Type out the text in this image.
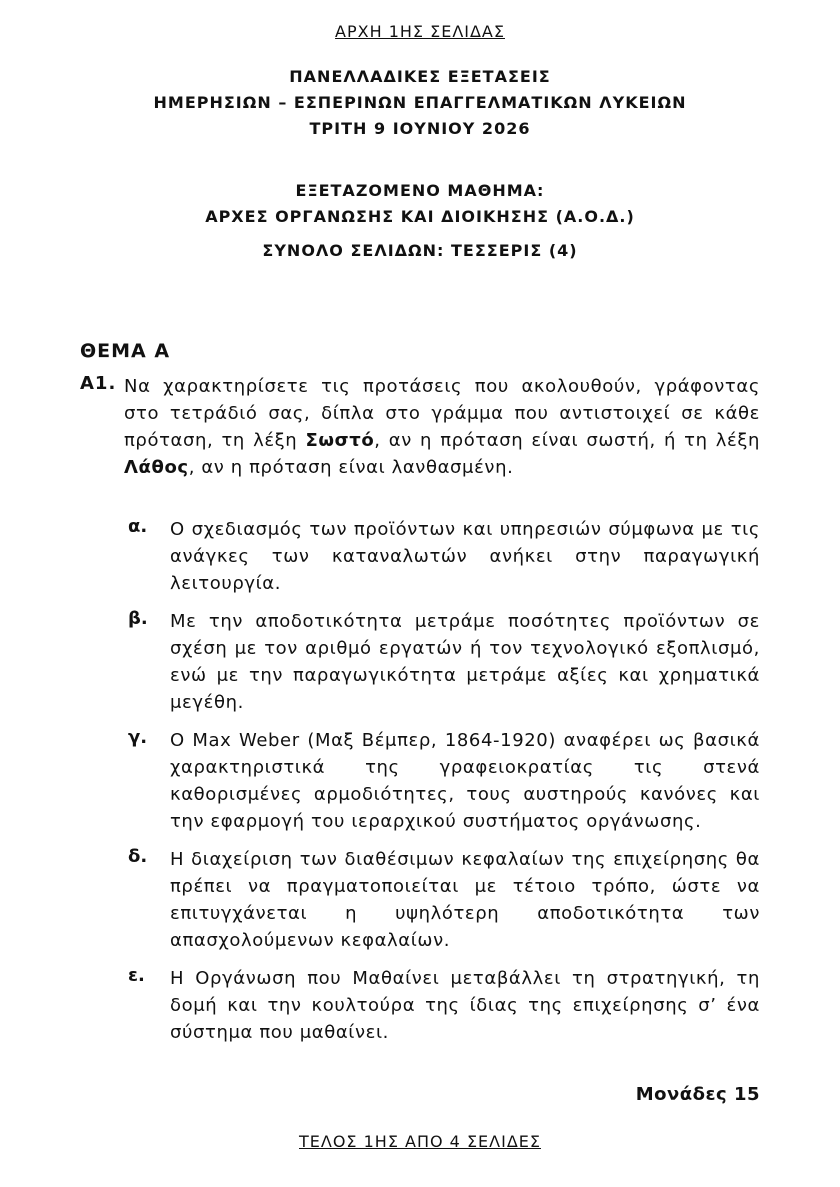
ΑΡΧΗ 1ΗΣ ΣΕΛΙΔΑΣ
ΠΑΝΕΛΛΑΔΙΚΕΣ ΕΞΕΤΑΣΕΙΣ
ΗΜΕΡΗΣΙΩΝ – ΕΣΠΕΡΙΝΩΝ ΕΠΑΓΓΕΛΜΑΤΙΚΩΝ ΛΥΚΕΙΩΝ
ΤΡΙΤΗ 9 ΙΟΥΝΙΟΥ 2026
ΕΞΕΤΑΖΟΜΕΝΟ ΜΑΘΗΜΑ:
ΑΡΧΕΣ ΟΡΓΑΝΩΣΗΣ ΚΑΙ ΔΙΟΙΚΗΣΗΣ (Α.Ο.Δ.)
ΣΥΝΟΛΟ ΣΕΛΙΔΩΝ: ΤΕΣΣΕΡΙΣ (4)
ΘΕΜΑ Α
Α1. Να χαρακτηρίσετε τις προτάσεις που ακολουθούν, γράφοντας στο τετράδιό σας, δίπλα στο γράμμα που αντιστοιχεί σε κάθε πρόταση, τη λέξη Σωστό, αν η πρόταση είναι σωστή, ή τη λέξη Λάθος, αν η πρόταση είναι λανθασμένη.
α. Ο σχεδιασμός των προϊόντων και υπηρεσιών σύμφωνα με τις ανάγκες των καταναλωτών ανήκει στην παραγωγική λειτουργία.
β. Με την αποδοτικότητα μετράμε ποσότητες προϊόντων σε σχέση με τον αριθμό εργατών ή τον τεχνολογικό εξοπλισμό, ενώ με την παραγωγικότητα μετράμε αξίες και χρηματικά μεγέθη.
γ. Ο Max Weber (Μαξ Βέμπερ, 1864-1920) αναφέρει ως βασικά χαρακτηριστικά της γραφειοκρατίας τις στενά καθορισμένες αρμοδιότητες, τους αυστηρούς κανόνες και την εφαρμογή του ιεραρχικού συστήματος οργάνωσης.
δ. Η διαχείριση των διαθέσιμων κεφαλαίων της επιχείρησης θα πρέπει να πραγματοποιείται με τέτοιο τρόπο, ώστε να επιτυγχάνεται η υψηλότερη αποδοτικότητα των απασχολούμενων κεφαλαίων.
ε. Η Οργάνωση που Μαθαίνει μεταβάλλει τη στρατηγική, τη δομή και την κουλτούρα της ίδιας της επιχείρησης σ’ ένα σύστημα που μαθαίνει.
Μονάδες 15
ΤΕΛΟΣ 1ΗΣ ΑΠΟ 4 ΣΕΛΙΔΕΣ
